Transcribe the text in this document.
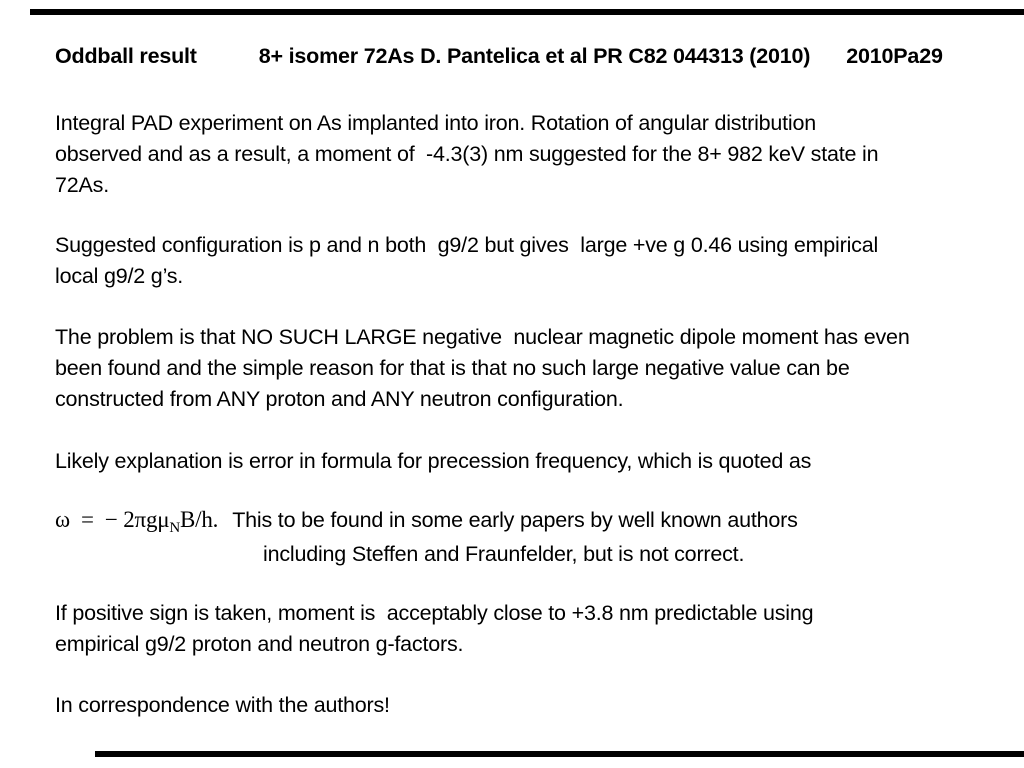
Oddball result	8+ isomer 72As D. Pantelica et al PR C82 044313 (2010) 2010Pa29
Integral PAD experiment on As implanted into iron. Rotation of angular distribution
observed and as a result, a moment of  -4.3(3) nm suggested for the 8+ 982 keV state in
72As.
Suggested configuration is p and n both  g9/2 but gives  large +ve g 0.46 using empirical
local g9/2 g’s.
The problem is that NO SUCH LARGE negative  nuclear magnetic dipole moment has even
been found and the simple reason for that is that no such large negative value can be
constructed from ANY proton and ANY neutron configuration.
Likely explanation is error in formula for precession frequency, which is quoted as
ω  =  − 2πgμ$_N$B/h. This to be found in some early papers by well known authors
including Steffen and Fraunfelder, but is not correct.
If positive sign is taken, moment is  acceptably close to +3.8 nm predictable using
empirical g9/2 proton and neutron g-factors.
In correspondence with the authors!
